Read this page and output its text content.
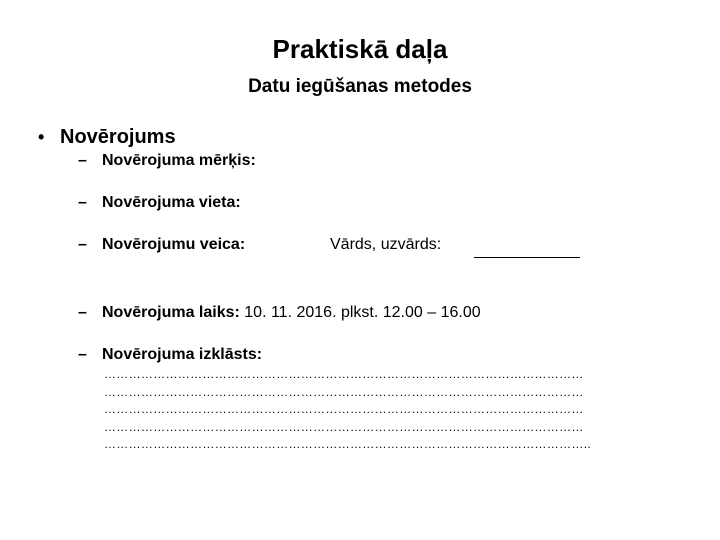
Praktiskā daļa
Datu iegūšanas metodes
• Novērojums
– Novērojuma mērķis:
– Novērojuma vieta:
– Novērojumu veica:	Vārds, uzvārds:
– Novērojuma laiks: 10. 11. 2016. plkst. 12.00 – 16.00
– Novērojuma izklāsts:
………………………………………………………………………………………………………
………………………………………………………………………………………………………
………………………………………………………………………………………………………
………………………………………………………………………………………………………
………………………………………………………………………………………………………..
